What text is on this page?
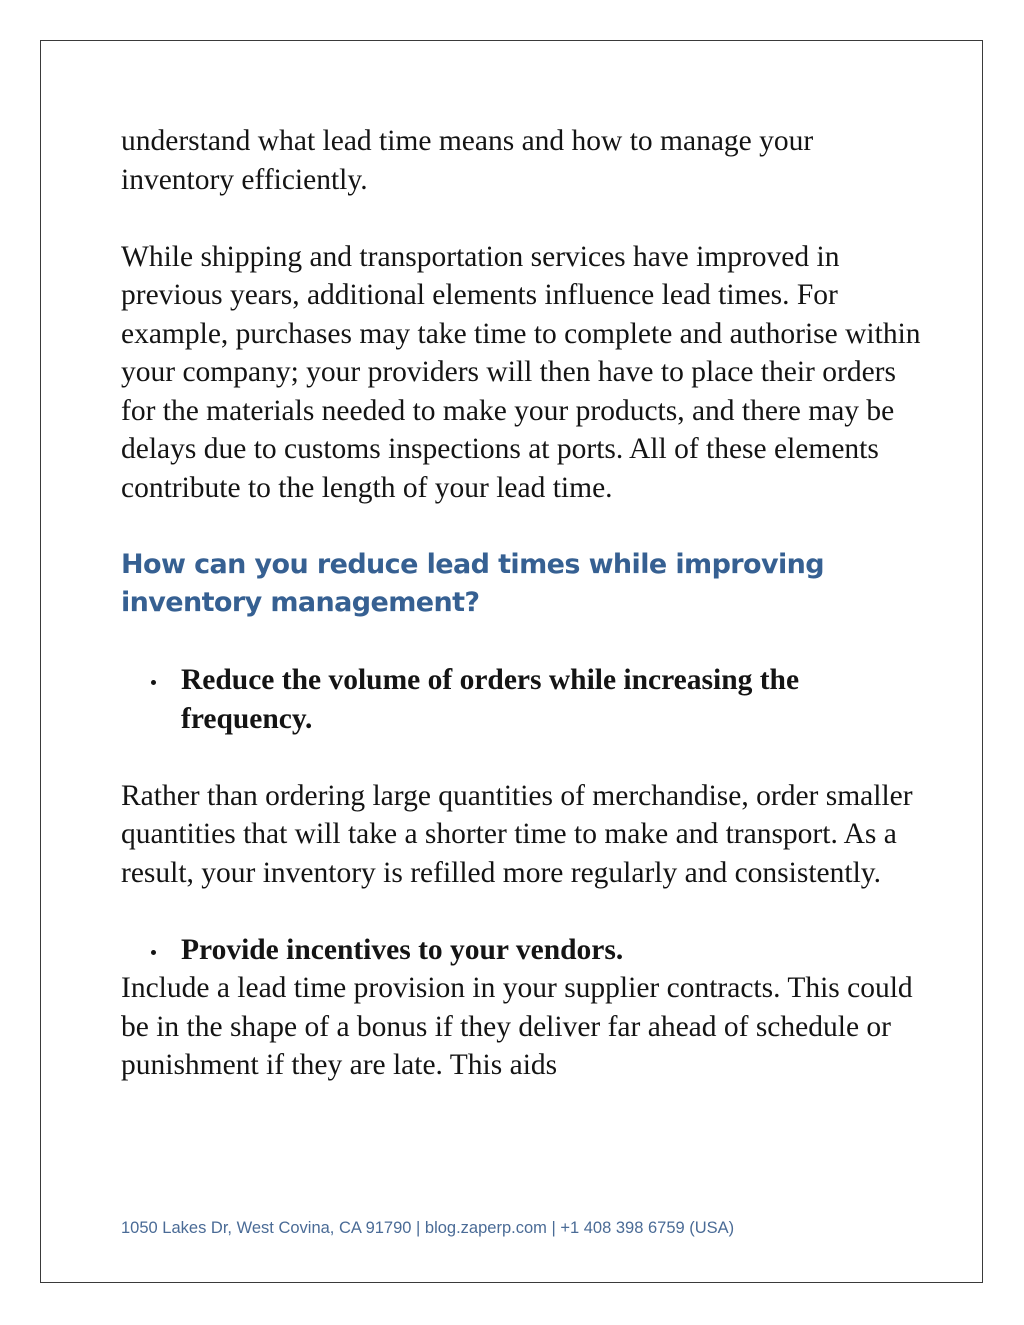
understand what lead time means and how to manage your inventory efficiently.

While shipping and transportation services have improved in previous years, additional elements influence lead times. For example, purchases may take time to complete and authorise within your company; your providers will then have to place their orders for the materials needed to make your products, and there may be delays due to customs inspections at ports. All of these elements contribute to the length of your lead time.

How can you reduce lead times while improving inventory management?
Reduce the volume of orders while increasing the frequency.

Rather than ordering large quantities of merchandise, order smaller quantities that will take a shorter time to make and transport. As a result, your inventory is refilled more regularly and consistently.

Provide incentives to your vendors.

Include a lead time provision in your supplier contracts. This could be in the shape of a bonus if they deliver far ahead of schedule or punishment if they are late. This aids

1050 Lakes Dr, West Covina, CA 91790 | blog.zaperp.com | +1 408 398 6759 (USA)
